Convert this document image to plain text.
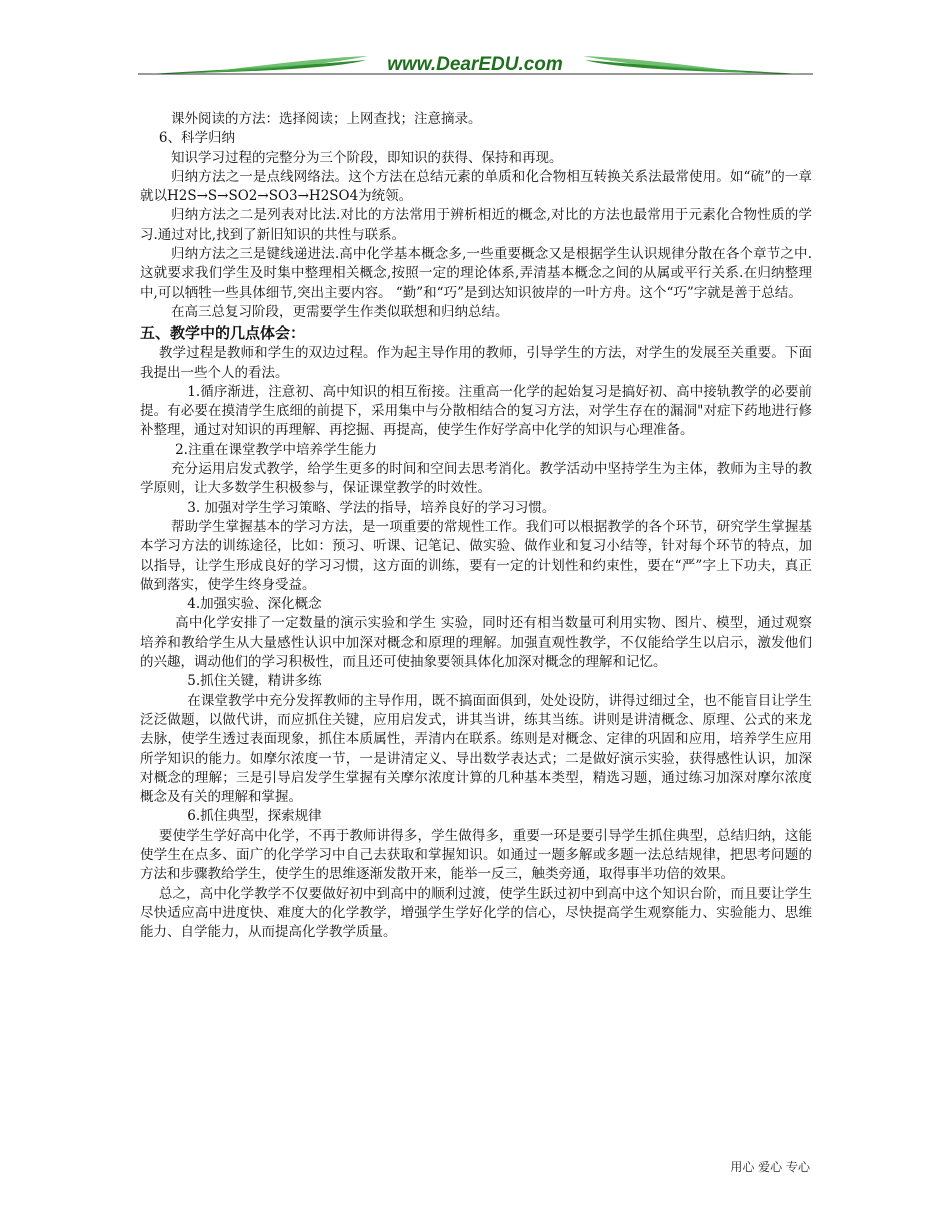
www.DearEDU.com

课外阅读的方法：选择阅读；上网查找；注意摘录。

6、科学归纳

知识学习过程的完整分为三个阶段，即知识的获得、保持和再现。

归纳方法之一是点线网络法。这个方法在总结元素的单质和化合物相互转换关系法最常使用。如“硫”的一章就以H2S→S→SO2→SO3→H2SO4为统领。

归纳方法之二是列表对比法.对比的方法常用于辨析相近的概念,对比的方法也最常用于元素化合物性质的学习.通过对比,找到了新旧知识的共性与联系。

归纳方法之三是键线递进法.高中化学基本概念多,一些重要概念又是根据学生认识规律分散在各个章节之中.这就要求我们学生及时集中整理相关概念,按照一定的理论体系,弄清基本概念之间的从属或平行关系.在归纳整理中,可以牺牲一些具体细节,突出主要内容。 “勤”和“巧”是到达知识彼岸的一叶方舟。这个“巧”字就是善于总结。

在高三总复习阶段，更需要学生作类似联想和归纳总结。

五、教学中的几点体会：

教学过程是教师和学生的双边过程。作为起主导作用的教师，引导学生的方法，对学生的发展至关重要。下面我提出一些个人的看法。

1.循序渐进，注意初、高中知识的相互衔接。注重高一化学的起始复习是搞好初、高中接轨教学的必要前提。有必要在摸清学生底细的前提下，采用集中与分散相结合的复习方法，对学生存在的漏洞"对症下药地进行修补整理，通过对知识的再理解、再挖掘、再提高，使学生作好学高中化学的知识与心理准备。

2.注重在课堂教学中培养学生能力

充分运用启发式教学，给学生更多的时间和空间去思考消化。教学活动中坚持学生为主体，教师为主导的教学原则，让大多数学生积极参与，保证课堂教学的时效性。

3. 加强对学生学习策略、学法的指导，培养良好的学习习惯。

帮助学生掌握基本的学习方法，是一项重要的常规性工作。我们可以根据教学的各个环节，研究学生掌握基本学习方法的训练途径，比如：预习、听课、记笔记、做实验、做作业和复习小结等，针对每个环节的特点，加以指导，让学生形成良好的学习习惯，这方面的训练，要有一定的计划性和约束性，要在“严”字上下功夫，真正做到落实，使学生终身受益。

4.加强实验、深化概念

高中化学安排了一定数量的演示实验和学生 实验，同时还有相当数量可利用实物、图片、模型，通过观察培养和教给学生从大量感性认识中加深对概念和原理的理解。加强直观性教学，不仅能给学生以启示，激发他们的兴趣，调动他们的学习积极性，而且还可使抽象要领具体化加深对概念的理解和记忆。

5.抓住关键，精讲多练

在课堂教学中充分发挥教师的主导作用，既不搞面面俱到，处处设防，讲得过细过全，也不能盲目让学生泛泛做题，以做代讲，而应抓住关键，应用启发式，讲其当讲，练其当练。讲则是讲清概念、原理、公式的来龙去脉，使学生透过表面现象，抓住本质属性，弄清内在联系。练则是对概念、定律的巩固和应用，培养学生应用所学知识的能力。如摩尔浓度一节，一是讲清定义、导出数学表达式；二是做好演示实验，获得感性认识，加深对概念的理解；三是引导启发学生掌握有关摩尔浓度计算的几种基本类型，精选习题，通过练习加深对摩尔浓度概念及有关的理解和掌握。

6.抓住典型，探索规律

要使学生学好高中化学，不再于教师讲得多，学生做得多，重要一环是要引导学生抓住典型，总结归纳，这能使学生在点多、面广的化学学习中自己去获取和掌握知识。如通过一题多解或多题一法总结规律，把思考问题的方法和步骤教给学生，使学生的思维逐渐发散开来，能举一反三，触类旁通，取得事半功倍的效果。

总之，高中化学教学不仅要做好初中到高中的顺利过渡，使学生跃过初中到高中这个知识台阶，而且要让学生尽快适应高中进度快、难度大的化学教学，增强学生学好化学的信心，尽快提高学生观察能力、实验能力、思维能力、自学能力，从而提高化学教学质量。

用心 爱心 专心
